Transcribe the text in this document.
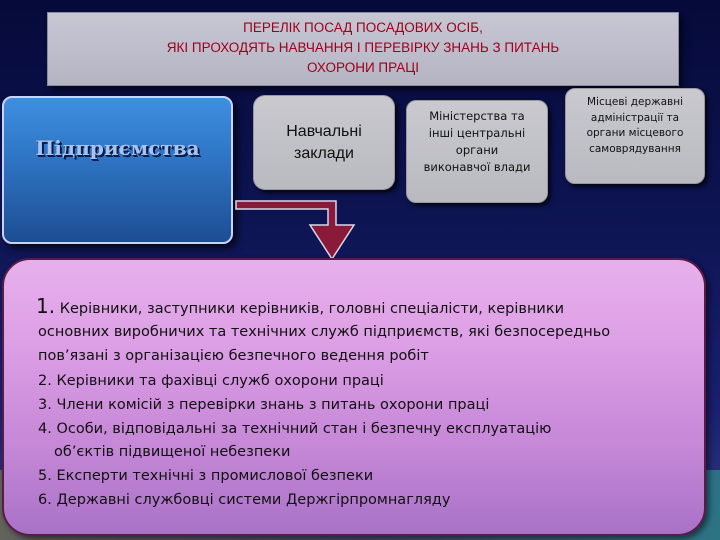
ПЕРЕЛІК ПОСАД ПОСАДОВИХ ОСІБ,
ЯКІ ПРОХОДЯТЬ НАВЧАННЯ І ПЕРЕВІРКУ ЗНАНЬ З ПИТАНЬ
ОХОРОНИ ПРАЦІ
Підприємства
Навчальні
заклади
Міністерства та
інші центральні
органи
виконавчої влади
Місцеві державні
адміністрації та
органи місцевого
самоврядування
1. Керівники, заступники керівників, головні спеціалісти, керівники
основних виробничих та технічних служб підприємств, які безпосередньо
пов’язані з організацією безпечного ведення робіт
2. Керівники та фахівці служб охорони праці
3. Члени комісій з перевірки знань з питань охорони праці
4. Особи, відповідальні за технічний стан і безпечну експлуатацію
об’єктів підвищеної небезпеки
5. Експерти технічні з промислової безпеки
6. Державні службовці системи Держгірпромнагляду
